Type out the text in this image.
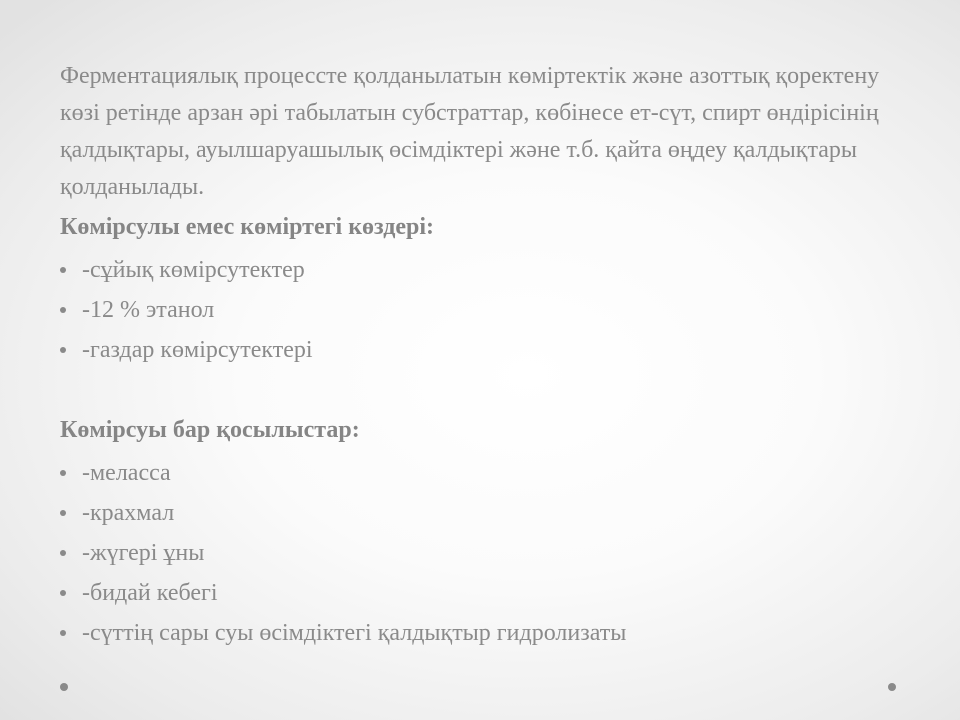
Ферментациялық процессте қолданылатын көміртектік және азоттық қоректену көзі ретінде арзан әрі табылатын субстраттар, көбінесе ет-сүт, спирт өндірісінің қалдықтары, ауылшаруашылық өсімдіктері және т.б. қайта өңдеу қалдықтары қолданылады.

Көмірсулы емес көміртегі көздері:
-сұйық көмірсутектер
-12 % этанол
-газдар көмірсутектері
Көмірсуы бар қосылыстар:
-меласса
-крахмал
-жүгері ұны
-бидай кебегі
-сүттің сары суы өсімдіктегі қалдықтыр гидролизаты
